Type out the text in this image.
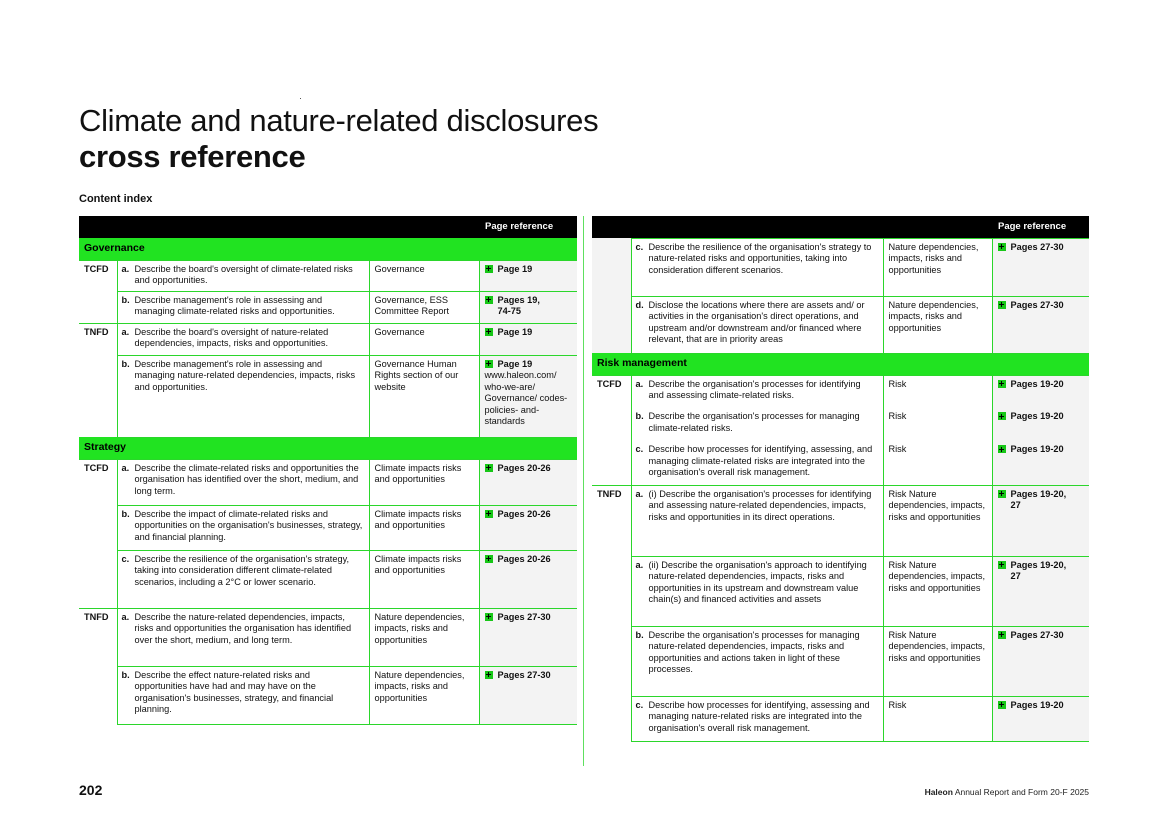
Climate and nature-related disclosures
cross reference
Content index
			Page reference
Governance			
TCFD	a. Describe the board's oversight of climate-related risks and opportunities.	Governance	Page 19

	b. Describe management's role in assessing and managing climate-related risks and opportunities.	Governance, ESS Committee Report	Pages 19,
74-75

TNFD	a. Describe the board's oversight of nature-related dependencies, impacts, risks and opportunities.	Governance	Page 19

	b. Describe management's role in assessing and managing nature-related dependencies, impacts, risks and opportunities.	Governance Human Rights section of our website	Page 19
www.haleon.com/ who-we-are/ Governance/ codes-policies- and-standards

Strategy			
TCFD	a. Describe the climate-related risks and opportunities the organisation has identified over the short, medium, and long term.	Climate impacts risks and opportunities	Pages 20-26

	b. Describe the impact of climate-related risks and opportunities on the organisation's businesses, strategy, and financial planning.	Climate impacts risks and opportunities	Pages 20-26

	c. Describe the resilience of the organisation's strategy, taking into consideration different climate-related scenarios, including a 2°C or lower scenario.	Climate impacts risks and opportunities	Pages 20-26

TNFD	a. Describe the nature-related dependencies, impacts, risks and opportunities the organisation has identified over the short, medium, and long term.	Nature dependencies, impacts, risks and opportunities	Pages 27-30

	b. Describe the effect nature-related risks and opportunities have had and may have on the organisation's businesses, strategy, and financial planning.	Nature dependencies, impacts, risks and opportunities	Pages 27-30
			Page reference

	c. Describe the resilience of the organisation's strategy to nature-related risks and opportunities, taking into consideration different scenarios.	Nature dependencies, impacts, risks and opportunities	Pages 27-30

	d. Disclose the locations where there are assets and/ or activities in the organisation's direct operations, and upstream and/or downstream and/or financed where relevant, that are in priority areas	Nature dependencies, impacts, risks and opportunities	Pages 27-30

Risk management			
TCFD	a. Describe the organisation's processes for identifying and assessing climate-related risks.	Risk	Pages 19-20

	b. Describe the organisation's processes for managing climate-related risks.	Risk	Pages 19-20

	c. Describe how processes for identifying, assessing, and managing climate-related risks are integrated into the organisation's overall risk management.	Risk	Pages 19-20

TNFD	a. (i) Describe the organisation's processes for identifying and assessing nature-related dependencies, impacts, risks and opportunities in its direct operations.	Risk Nature dependencies, impacts, risks and opportunities	Pages 19-20,
27

	a. (ii) Describe the organisation's approach to identifying nature-related dependencies, impacts, risks and opportunities in its upstream and downstream value chain(s) and financed activities and assets	Risk Nature dependencies, impacts, risks and opportunities	Pages 19-20,
27

	b. Describe the organisation's processes for managing nature-related dependencies, impacts, risks and opportunities and actions taken in light of these processes.	Risk Nature dependencies, impacts, risks and opportunities	Pages 27-30

	c. Describe how processes for identifying, assessing and managing nature-related risks are integrated into the organisation's overall risk management.	Risk	Pages 19-20
202	Haleon Annual Report and Form 20-F 2025
